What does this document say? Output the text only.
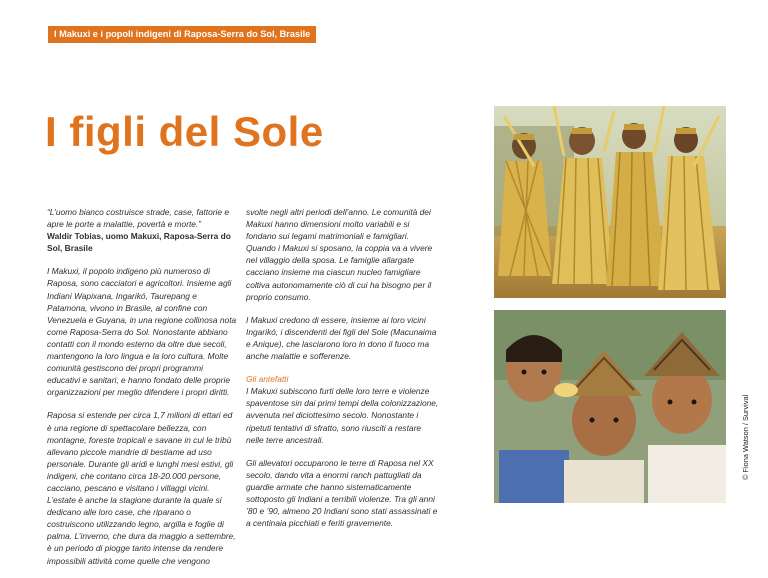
I Makuxi e i popoli indigeni di Raposa-Serra do Sol, Brasile
I figli del Sole

“L’uomo bianco costruisce strade, case, fattorie e apre le porte a malattie, povertà e morte.”
Waldir Tobias, uomo Makuxi, Raposa-Serra do Sol, Brasile

I Makuxi, il popolo indigeno più numeroso di Raposa, sono cacciatori e agricoltori. Insieme agli Indiani Wapixana, Ingarikó, Taurepang e Patamona, vivono in Brasile, al confine con Venezuela e Guyana, in una regione collinosa nota come Raposa-Serra do Sol. Nonostante abbiano contatti con il mondo esterno da oltre due secoli, mantengono la loro lingua e la loro cultura. Molte comunità gestiscono dei propri programmi educativi e sanitari, e hanno fondato delle proprie organizzazioni per meglio difendere i propri diritti.

Raposa si estende per circa 1,7 milioni di ettari ed è una regione di spettacolare bellezza, con montagne, foreste tropicali e savane in cui le tribù allevano piccole mandrie di bestiame ad uso personale. Durante gli aridi e lunghi mesi estivi, gli indigeni, che contano circa 18-20.000 persone, cacciano, pescano e visitano i villaggi vicini. L’estate è anche la stagione durante la quale si dedicano alle loro case, che riparano o costruiscono utilizzando legno, argilla e foglie di palma. L’inverno, che dura da maggio a settembre, è un periodo di piogge tanto intense da rendere impossibili attività come quelle che vengono

svolte negli altri periodi dell’anno. Le comunità dei Makuxi hanno dimensioni molto variabili e si fondano sui legami matrimoniali e famigliari. Quando i Makuxi si sposano, la coppia va a vivere nel villaggio della sposa. Le famiglie allargate cacciano insieme ma ciascun nucleo famigliare coltiva autonomamente ciò di cui ha bisogno per il proprio consumo.

I Makuxi credono di essere, insieme ai loro vicini Ingarikó, i discendenti dei figli del Sole (Macunaima e Anique), che lasciarono loro in dono il fuoco ma anche malattie e sofferenze.

Gli antefatti
I Makuxi subiscono furti delle loro terre e violenze spaventose sin dai primi tempi della colonizzazione, avvenuta nel diciottesimo secolo. Nonostante i ripetuti tentativi di sfratto, sono riusciti a restare nelle terre ancestrali.

Gli allevatori occuparono le terre di Raposa nel XX secolo, dando vita a enormi ranch pattugliati da guardie armate che hanno sistematicamente sottoposto gli Indiani a terribili violenze. Tra gli anni ’80 e ’90, almeno 20 Indiani sono stati assassinati e a centinaia picchiati e feriti gravemente.

© Fiona Watson / Survival
